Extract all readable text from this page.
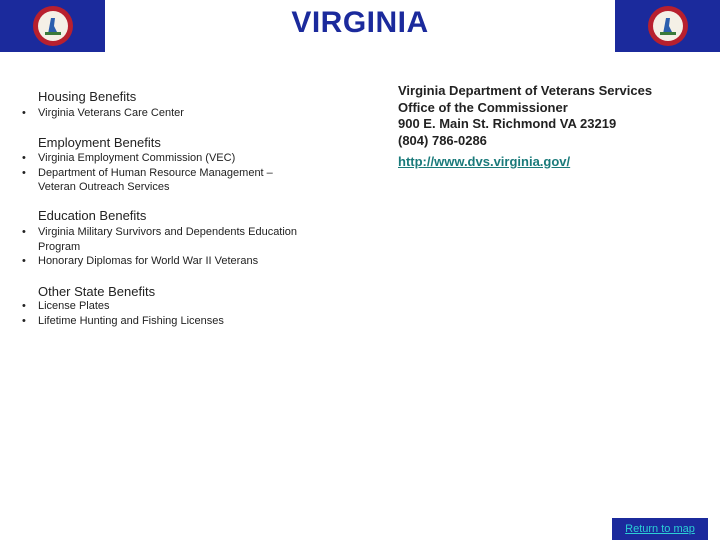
VIRGINIA
Housing Benefits
• Virginia Veterans Care Center
Employment Benefits
• Virginia Employment Commission (VEC)
• Department of Human Resource Management –
Veteran Outreach Services
Education Benefits
• Virginia Military Survivors and Dependents Education
Program
• Honorary Diplomas for World War II Veterans
Other State Benefits
• License Plates
• Lifetime Hunting and Fishing Licenses
Virginia Department of Veterans Services
Office of the Commissioner
900 E. Main St. Richmond VA 23219
(804) 786-0286
http://www.dvs.virginia.gov/
Return to map
